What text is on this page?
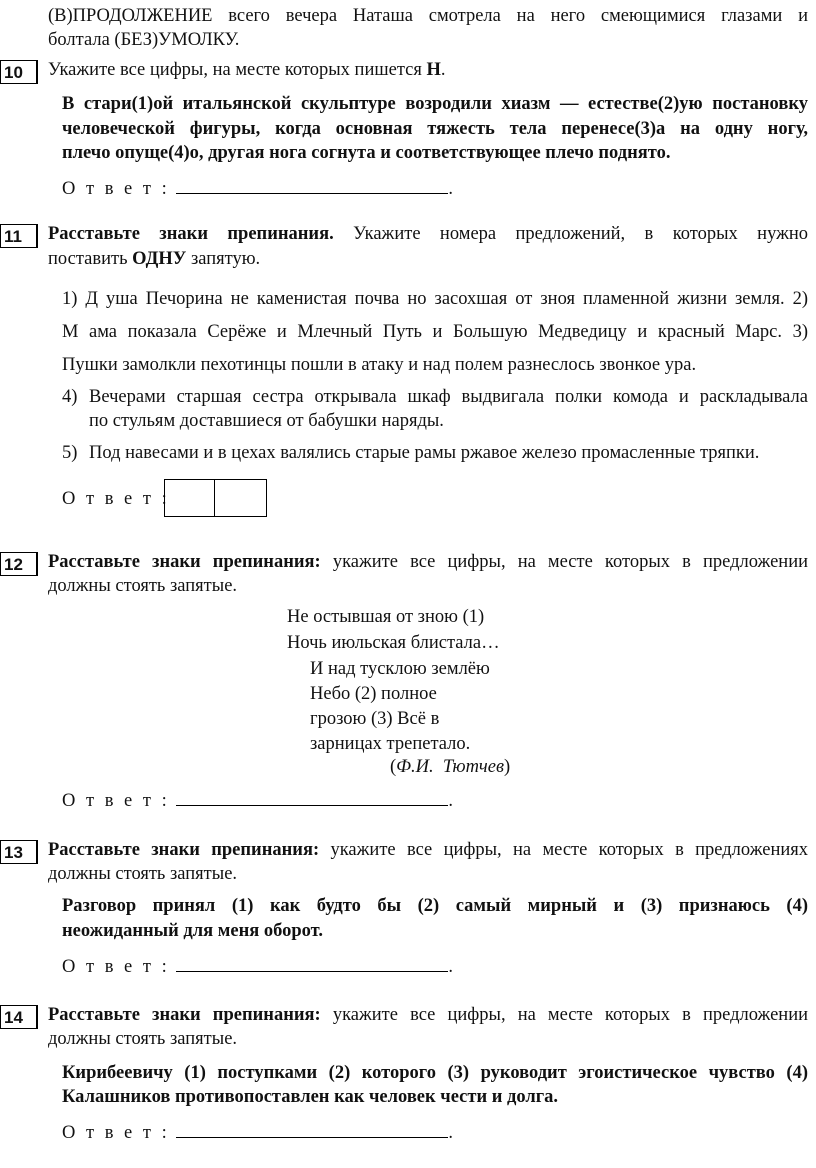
(В)ПРОДОЛЖЕНИЕ всего вечера Наташа смотрела на него смеющимися глазами и
болтала (БЕЗ)УМОЛКУ.
10	Укажите все цифры, на месте которых пишется Н.
В стари(1)ой итальянской скульптуре возродили хиазм — естестве(2)ую постановку
человеческой фигуры, когда основная тяжесть тела перенесе(3)а на одну ногу,
плечо опуще(4)о, другая нога согнута и соответствующее плечо поднято.
О т в е т :	.
11	Расставьте знаки препинания. Укажите номера предложений, в которых нужно
поставить ОДНУ запятую.
1) Д уша Печорина не каменистая почва но засохшая от зноя пламенной жизни земля. 2)
М ама показала Серёже и Млечный Путь и Большую Медведицу и красный Марс. 3)
Пушки замолкли пехотинцы пошли в атаку и над полем разнеслось звонкое ура.
4) Вечерами старшая сестра открывала шкаф выдвигала полки комода и раскладывала
по стульям доставшиеся от бабушки наряды.
5) Под навесами и в цехах валялись старые рамы ржавое железо промасленные тряпки.
О т в е т :
12	Расставьте знаки препинания: укажите все цифры, на месте которых в предложении
должны стоять запятые.
Не остывшая от зною (1)
Ночь июльская блистала…
И над тусклою землёю
Небо (2) полное
грозою (3) Всё в
зарницах трепетало.
(Ф.И.  Тютчев)
О т в е т :	.
13	Расставьте знаки препинания: укажите все цифры, на месте которых в предложениях
должны стоять запятые.
Разговор принял (1) как будто бы (2) самый мирный и (3) признаюсь (4)
неожиданный для меня оборот.
О т в е т :	.
14	Расставьте знаки препинания: укажите все цифры, на месте которых в предложении
должны стоять запятые.
Кирибеевичу (1) поступками (2) которого (3) руководит эгоистическое чувство (4)
Калашников противопоставлен как человек чести и долга.
О т в е т :	.
